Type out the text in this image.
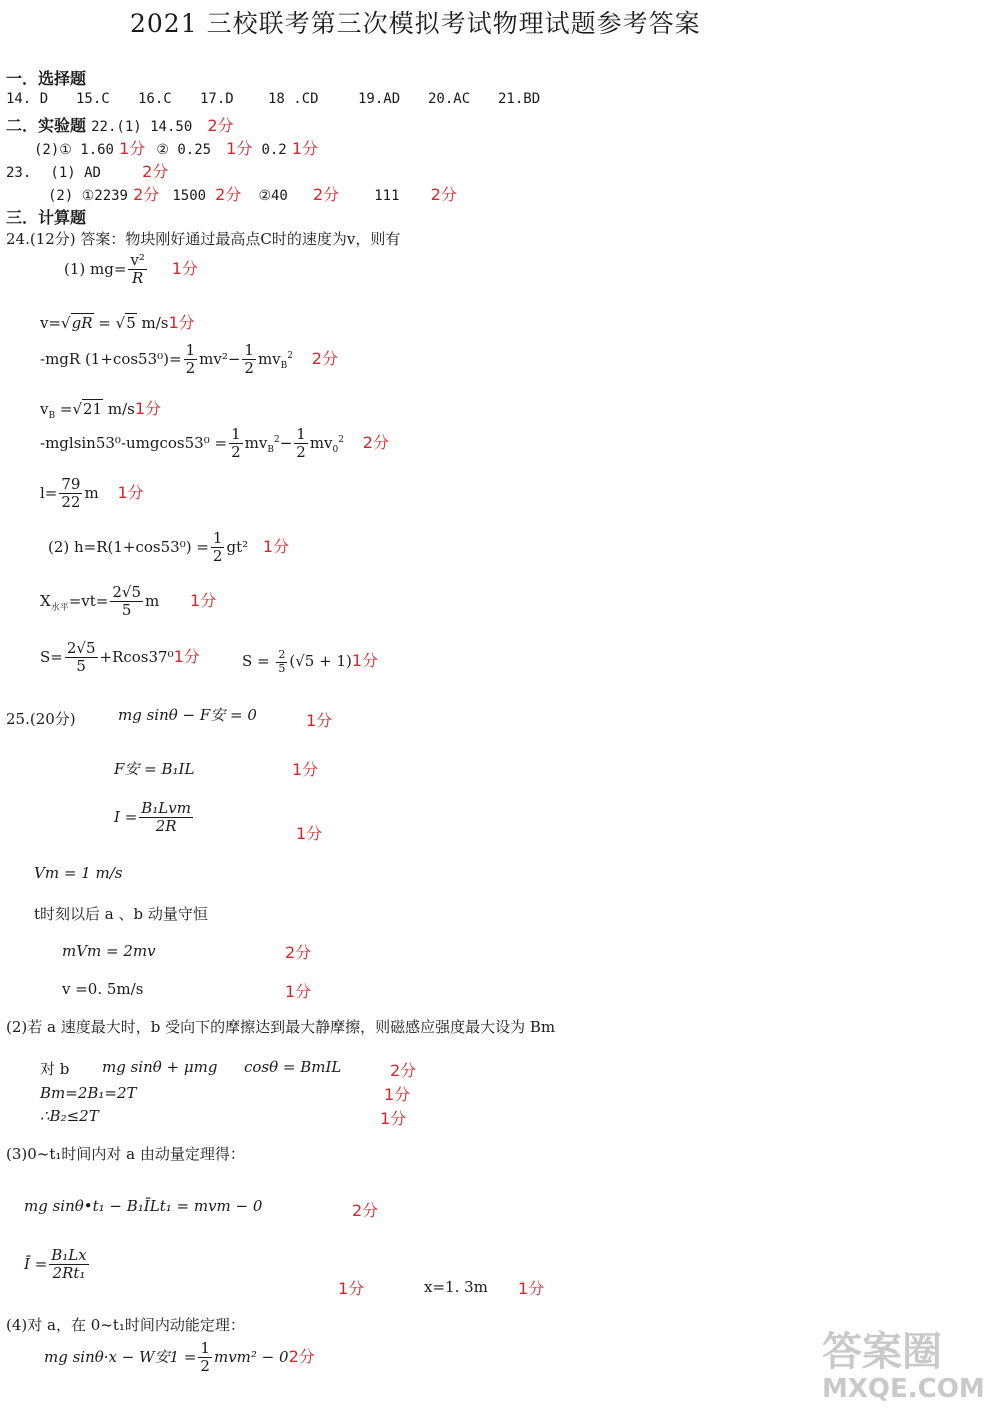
2021 三校联考第三次模拟考试物理试题参考答案
一．选择题
14. D 15.C 16.C 17.D 18 .CD	19.AD 20.AC 21.BD
二．实验题 22.(1) 14.50 2分
(2)① 1.60 1分 ② 0.25 1分 0.2 1分
23. (1) AD	2分
(2) ①2239 2分 1500 2分 ②40 2分	111 2分
三．计算题
24.(12分) 答案：物块刚好通过最高点C时的速度为v，则有
(1) $mg= \frac{\text{v²}}{R} 1$分
v=√gR = √5 m/s1分
-mgR $(1+\cos 53^0)= \frac{1}{2} mv^2- \frac{1}{2} mv_B^2$ 2分
$v_B =√21$ m/s1分
$-mglsin53^0-umgcos53^0 = \frac{1}{2} mv_B^2- \frac{1}{2} mv_0^2$ 2分
$l= \frac{79}{22}$ m 1分
(2) $h=R(1+\cos 53^0) = \frac{1}{2} gt^2$ 1分
$X_{水平}=vt= \frac{2√5}{5}$ m 1分
$S= \frac{2√5}{5} +Rcos37^01$分	$S = \frac{2}{5} (√5 + 1)1$分
25.(20分)	mg sinθ − F安 = 0	1分
F安 = B₁IL	1分
$I = \frac{\text{B₁Lvm}}{2R}$	1分
Vm = 1 m/s
t时刻以后 a 、b 动量守恒
mVm = 2mv	2分
v =0. 5m/s	1分
(2)若 a 速度最大时，b 受向下的摩擦达到最大静摩擦，则磁感应强度最大设为 Bm
对 b mg sinθ + μmg cosθ = BmIL	2分
Bm=2B₁=2T	1分
∴B₂≤2T	1分
(3)0~t₁时间内对 a 由动量定理得：
mg sinθ•t₁ − B₁ĪLt₁ = mvm − 0	2分
Ī = $\frac{\text{B₁Lx}}{\text{2Rt₁}}$
1分	x=1. 3m 1分
(4)对 a，在 0~t₁时间内动能定理：
mg sinθ·x − W安$1 = \frac{1}{2} mvm^2 - 02$分	答案圈
MXQE.COM
